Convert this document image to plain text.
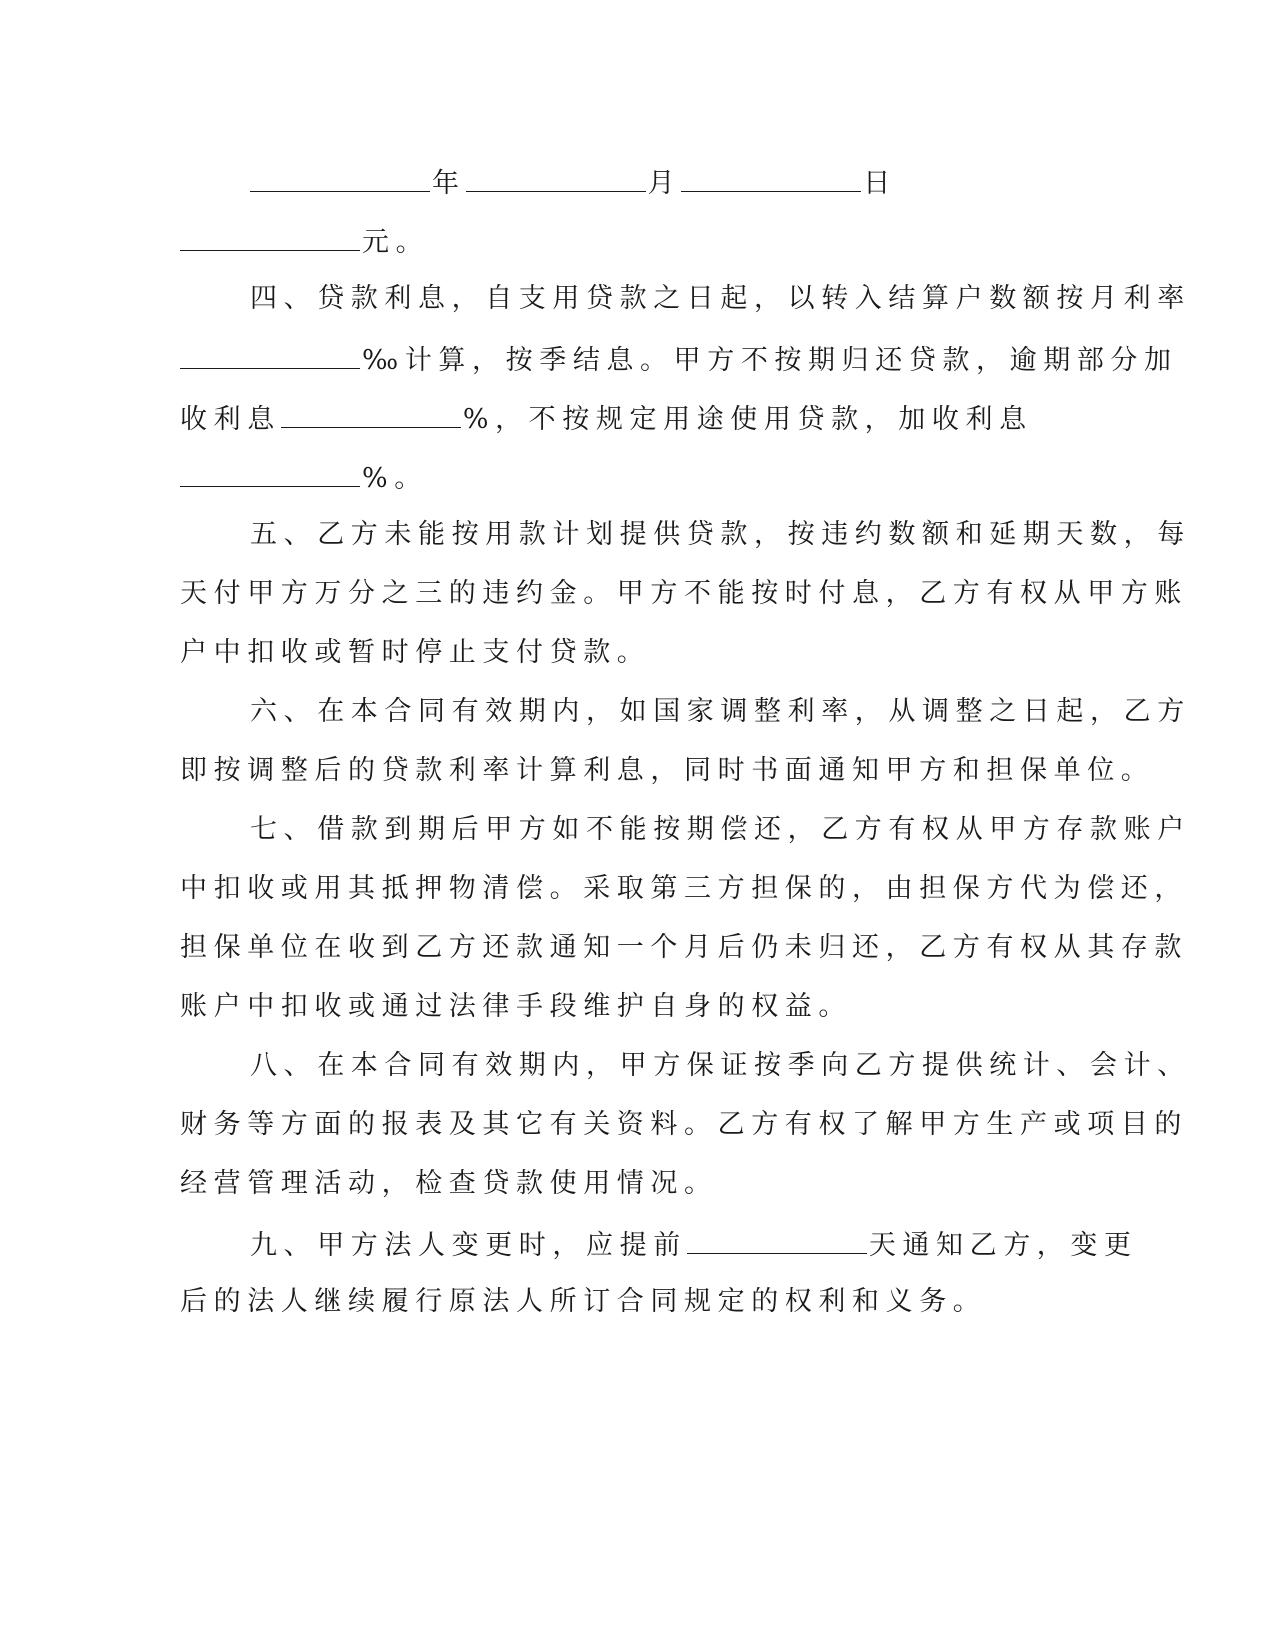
年	月	日
元。
四、贷款利息，自支用贷款之日起，以转入结算户数额按月利率
‰计算，按季结息。甲方不按期归还贷款，逾期部分加
收利息	%，不按规定用途使用贷款，加收利息
%。
五、乙方未能按用款计划提供贷款，按违约数额和延期天数，每
天付甲方万分之三的违约金。甲方不能按时付息，乙方有权从甲方账
户中扣收或暂时停止支付贷款。
六、在本合同有效期内，如国家调整利率，从调整之日起，乙方
即按调整后的贷款利率计算利息，同时书面通知甲方和担保单位。
七、借款到期后甲方如不能按期偿还，乙方有权从甲方存款账户
中扣收或用其抵押物清偿。采取第三方担保的，由担保方代为偿还，
担保单位在收到乙方还款通知一个月后仍未归还，乙方有权从其存款
账户中扣收或通过法律手段维护自身的权益。
八、在本合同有效期内，甲方保证按季向乙方提供统计、会计、
财务等方面的报表及其它有关资料。乙方有权了解甲方生产或项目的
经营管理活动，检查贷款使用情况。
九、甲方法人变更时，应提前	天通知乙方，变更
后的法人继续履行原法人所订合同规定的权利和义务。
